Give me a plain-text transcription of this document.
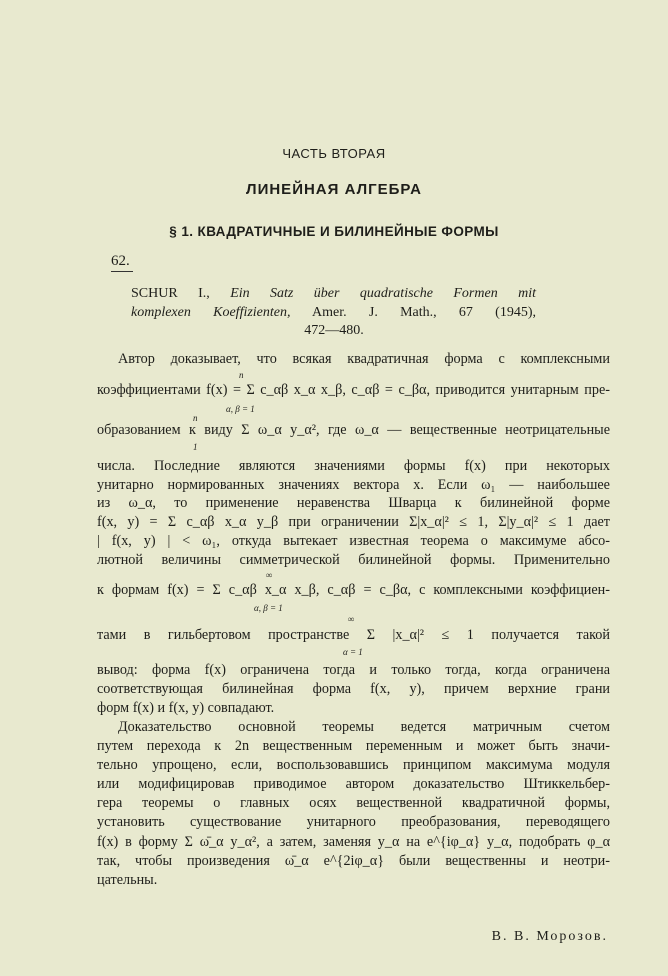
ЧАСТЬ ВТОРАЯ
ЛИНЕЙНАЯ АЛГЕБРА
§ 1. КВАДРАТИЧНЫЕ И БИЛИНЕЙНЫЕ ФОРМЫ
62.
SCHUR I., Ein Satz über quadratische Formen mit
komplexen Koeffizienten, Amer. J. Math., 67 (1945),
472—480.
Автор доказывает, что всякая квадратичная форма с комплексными
n
коэффициентами f(x) = Σ c_αβ x_α x_β, c_αβ = c_βα, приводится унитарным пре-
α, β = 1
n
образованием к виду Σ ω_α y_α², где ω_α — вещественные неотрицательные
1
числа. Последние являются значениями формы f(x) при некоторых
унитарно нормированных значениях вектора x. Если ω₁ — наибольшее
из ω_α, то применение неравенства Шварца к билинейной форме
f(x, y) = Σ c_αβ x_α y_β при ограничении Σ|x_α|² ≤ 1, Σ|y_α|² ≤ 1 дает
| f(x, y) | < ω₁, откуда вытекает известная теорема о максимуме абсо-
лютной величины симметрической билинейной формы. Применительно
∞
к формам f(x) = Σ c_αβ x_α x_β, c_αβ = c_βα, с комплексными коэффициен-
α, β = 1
∞
тами в гильбертовом пространстве Σ |x_α|² ≤ 1 получается такой
α = 1
вывод: форма f(x) ограничена тогда и только тогда, когда ограничена
соответствующая билинейная форма f(x, y), причем верхние грани
форм f(x) и f(x, y) совпадают.
Доказательство основной теоремы ведется матричным счетом
путем перехода к 2n вещественным переменным и может быть значи-
тельно упрощено, если, воспользовавшись принципом максимума модуля
или модифицировав приводимое автором доказательство Штиккельбер-
гера теоремы о главных осях вещественной квадратичной формы,
установить существование унитарного преобразования, переводящего
f(x) в форму Σ ω̄_α y_α², а затем, заменяя y_α на e^{iφ_α} y_α, подобрать φ_α
так, чтобы произведения ω̄_α e^{2iφ_α} были вещественны и неотри-
цательны.
В. В. Морозов.
